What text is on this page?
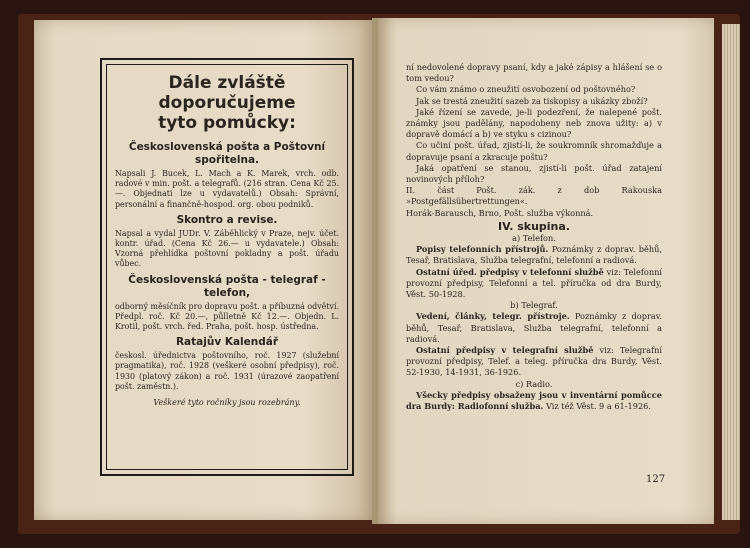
Dále zvláště doporučujeme
tyto pomůcky:
Československá pošta a Poštovní spořitelna.

Napsali J. Bucek, L. Mach a K. Marek, vrch. odb. radové v min. pošt. a telegrafů. (216 stran. Cena Kč 25.—. Objednati lze u vydavatelů.) Obsah: Správní, personální a finančně-hospod. org. obou podniků.

Skontro a revise.

Napsal a vydal JUDr. V. Záběhlický v Praze, nejv. účet. kontr. úřad. (Cena Kč 26.— u vydavatele.) Obsah: Vzorná přehlídka poštovní pokladny a pošt. úřadu vůbec.

Československá pošta - telegraf - telefon,

odborný měsíčník pro dopravu pošt. a příbuzná odvětví. Předpl. roč. Kč 20.—, půlletně Kč 12.—. Objedn. L. Krotil, pošt. vrch. řed. Praha, pošt. hosp. ústředna.

Ratajův Kalendář

českosl. úřednictva poštovního, roč. 1927 (služební pragmatika), roč. 1928 (veškeré osobní předpisy), roč. 1930 (platový zákon) a roč. 1931 (úrazové zaopatření pošt. zaměstn.).

Veškeré tyto ročníky jsou rozebrány.

ní nedovolené dopravy psaní, kdy a jaké zápisy a hlášení se o tom vedou?

Co vám známo o zneužití osvobození od poštovného?

Jak se trestá zneužití sazeb za tiskopisy a ukázky zboží?

Jaké řízení se zavede, je-li podezření, že nalepené pošt. známky jsou padělány, napodobeny neb znova užity: a) v dopravě domácí a b) ve styku s cizinou?

Co učiní pošt. úřad, zjistí-li, že soukromník shromažďuje a dopravuje psaní a zkracuje poštu?

Jaká opatření se stanou, zjistí-li pošt. úřad zatajení novinových příloh?

II. část Pošt. zák. z dob Rakouska »Postgefällsübertrettungen«.

Horák-Barausch, Brno, Pošt. služba výkonná.

IV. skupina.

a) Telefon.

Popisy telefonních přístrojů. Poznámky z doprav. běhů, Tesař, Bratislava, Služba telegrafní, telefonní a radiová.

Ostatní úřed. předpisy v telefonní službě viz: Telefonní provozní předpisy, Telefonní a tel. příručka od dra Burdy, Věst. 50-1928.

b) Telegraf.

Vedení, články, telegr. přístroje. Poznámky z doprav. běhů, Tesař, Bratislava, Služba telegrafní, telefonní a radiová.

Ostatní předpisy v telegrafní službě viz: Telegrafní provozní předpisy, Telef. a teleg. příručka dra Burdy, Věst. 52-1930, 14-1931, 36-1926.

c) Radio.

Všecky předpisy obsaženy jsou v inventární pomůcce dra Burdy: Radiofonní služba. Viz též Věst. 9 a 61-1926.

127
